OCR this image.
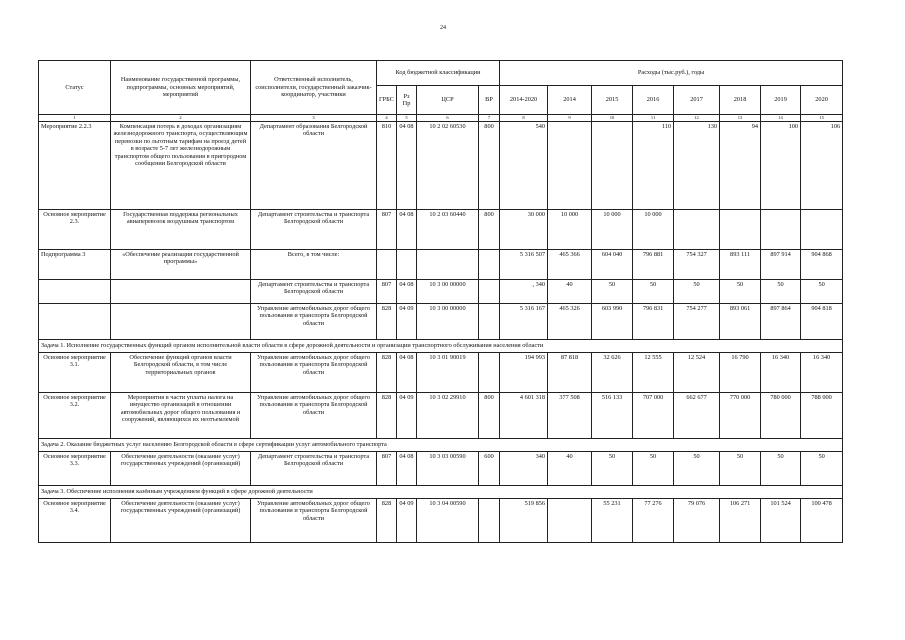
24
Статус	Наименование государственной программы, подпрограммы, основных мероприятий, мероприятий	Ответственный исполнитель, соисполнители, государственный заказчик-координатор, участники	Код бюджетной классификации				Расходы (тыс.руб.), годы							
			ГРБС	Рз Пр	ЦСР	ВР	2014-2020	2014	2015	2016	2017	2018	2019	2020
1	2	3	4	5	6	7	8	9	10	11	12	13	14	15
Мероприятие 2.2.3	Компенсация потерь в доходах организациям железнодорожного транспорта, осуществляющим перевозки по льготным тарифам на проезд детей в возрасте 5-7 лет железнодорожным транспортом общего пользования в пригородном сообщении Белгородской области	Департамент образования Белгородской области	810	04 08	10 2 02 60530	800	540			110	130	94	100	106
Основное мероприятие 2.3.	Государственная поддержка региональных авиаперевозок воздушным транспортом	Департамент строительства и транспорта Белгородской области	807	04 08	10 2 03 60440	800	30 000	10 000	10 000	10 000				
Подпрограмма 3	«Обеспечение реализации государственной программы»	Всего, в том числе:					5 316 507	465 366	604 040	796 881	754 327	893 111	897 914	904 868
		Департамент строительства и транспорта Белгородской области	807	04 08	10 3 00 00000		, 340	40	50	50	50	50	50	50
		Управление автомобильных дорог общего пользования и транспорта Белгородской области	828	04 09	10 3 00 00000		5 316 167	465 326	603 990	796 831	754 277	893 061	897 864	904 818
Задача 1. Исполнение государственных функций органом исполнительной власти области в сфере дорожной деятельности и организации транспортного обслуживания населения области														
Основное мероприятие 3.1.	Обеспечение функций органов власти Белгородской области, в том числе территориальных органов	Управление автомобильных дорог общего пользования и транспорта Белгородской области	828	04 08	10 3 01 90019		194 993	87 818	32 626	12 555	12 524	16 790	16 340	16 340
Основное мероприятие 3.2.	Мероприятия в части уплаты налога на имущество организаций в отношении автомобильных дорог общего пользования и сооружений, являющихся их неотъемлемой	Управление автомобильных дорог общего пользования и транспорта Белгородской области	828	04 09	10 3 02 29910	800	4 601 318	377 508	516 133	707 000	662 677	770 000	780 000	788 000
Задача 2. Оказание бюджетных услуг населению Белгородской области в сфере сертификации услуг автомобильного транспорта														
Основное мероприятие 3.3.	Обеспечение деятельности (оказание услуг) государственных учреждений (организаций)	Департамент строительства и транспорта Белгородской области	807	04 08	10 3 03 00590	600	340	40	50	50	50	50	50	50
Задача 3. Обеспечение исполнения казённым учреждением функций в сфере дорожной деятельности														
Основное мероприятие 3.4.	Обеспечение деятельности (оказание услуг) государственных учреждений (организаций)	Управление автомобильных дорог общего пользования и транспорта Белгородской области	828	04 09	10 3 04 00590		519 856		55 231	77 276	79 076	106 271	101 524	100 478
